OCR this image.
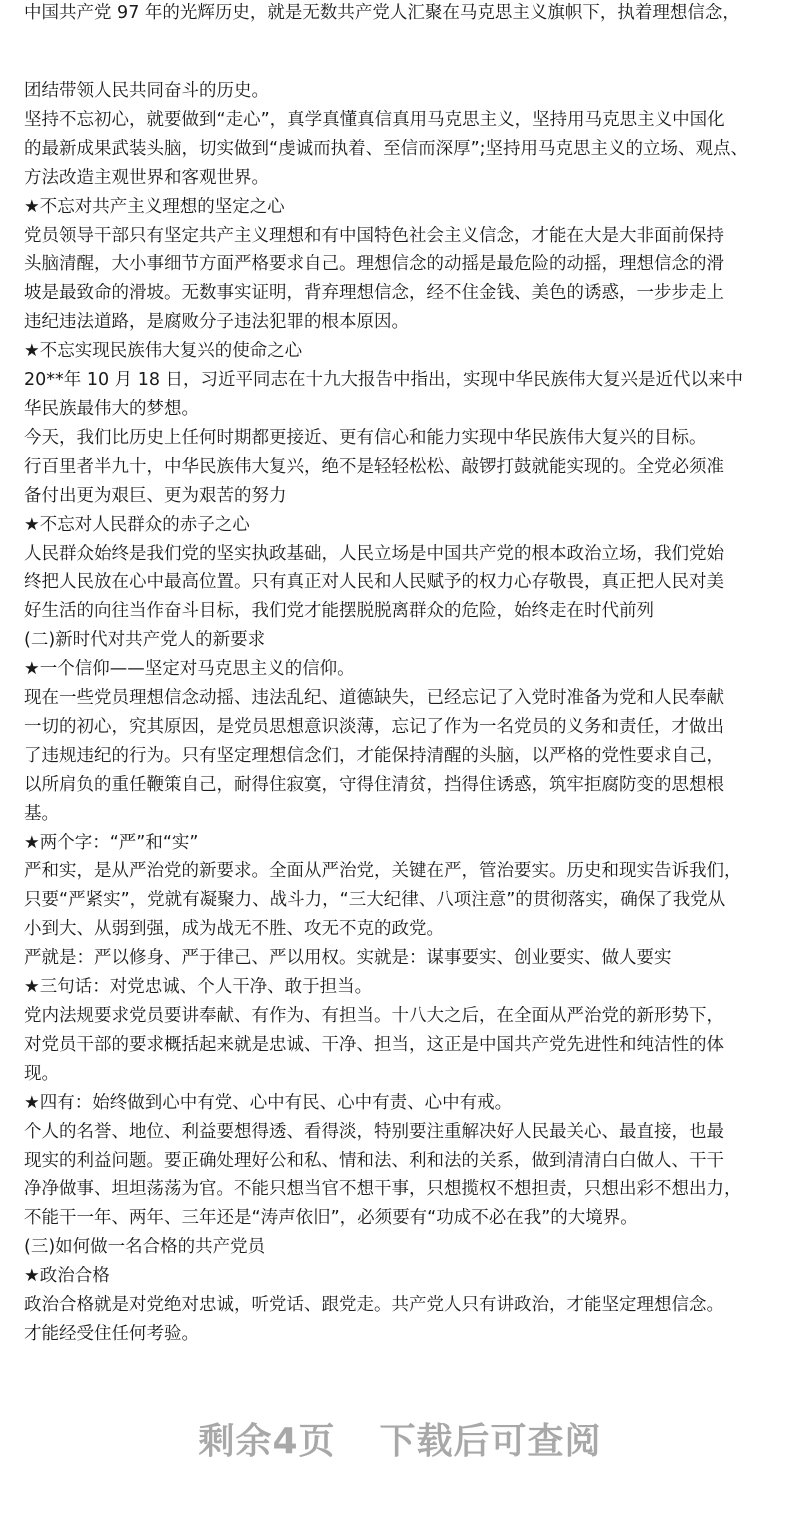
中国共产党 97 年的光辉历史，就是无数共产党人汇聚在马克思主义旗帜下，执着理想信念，
团结带领人民共同奋斗的历史。
坚持不忘初心，就要做到“走心”，真学真懂真信真用马克思主义，坚持用马克思主义中国化
的最新成果武装头脑，切实做到“虔诚而执着、至信而深厚”;坚持用马克思主义的立场、观点、
方法改造主观世界和客观世界。
★不忘对共产主义理想的坚定之心
党员领导干部只有坚定共产主义理想和有中国特色社会主义信念，才能在大是大非面前保持
头脑清醒，大小事细节方面严格要求自己。理想信念的动摇是最危险的动摇，理想信念的滑
坡是最致命的滑坡。无数事实证明，背弃理想信念，经不住金钱、美色的诱惑，一步步走上
违纪违法道路，是腐败分子违法犯罪的根本原因。
★不忘实现民族伟大复兴的使命之心
20**年 10 月 18 日，习近平同志在十九大报告中指出，实现中华民族伟大复兴是近代以来中
华民族最伟大的梦想。
今天，我们比历史上任何时期都更接近、更有信心和能力实现中华民族伟大复兴的目标。
行百里者半九十，中华民族伟大复兴，绝不是轻轻松松、敲锣打鼓就能实现的。全党必须准
备付出更为艰巨、更为艰苦的努力
★不忘对人民群众的赤子之心
人民群众始终是我们党的坚实执政基础，人民立场是中国共产党的根本政治立场，我们党始
终把人民放在心中最高位置。只有真正对人民和人民赋予的权力心存敬畏，真正把人民对美
好生活的向往当作奋斗目标，我们党才能摆脱脱离群众的危险，始终走在时代前列
(二)新时代对共产党人的新要求
★一个信仰——坚定对马克思主义的信仰。
现在一些党员理想信念动摇、违法乱纪、道德缺失，已经忘记了入党时准备为党和人民奉献
一切的初心，究其原因，是党员思想意识淡薄，忘记了作为一名党员的义务和责任，才做出
了违规违纪的行为。只有坚定理想信念们，才能保持清醒的头脑，以严格的党性要求自己，
以所肩负的重任鞭策自己，耐得住寂寞，守得住清贫，挡得住诱惑，筑牢拒腐防变的思想根
基。
★两个字：“严”和“实”
严和实，是从严治党的新要求。全面从严治党，关键在严，管治要实。历史和现实告诉我们，
只要“严紧实”，党就有凝聚力、战斗力，“三大纪律、八项注意”的贯彻落实，确保了我党从
小到大、从弱到强，成为战无不胜、攻无不克的政党。
严就是：严以修身、严于律己、严以用权。实就是：谋事要实、创业要实、做人要实
★三句话：对党忠诚、个人干净、敢于担当。
党内法规要求党员要讲奉献、有作为、有担当。十八大之后，在全面从严治党的新形势下，
对党员干部的要求概括起来就是忠诚、干净、担当，这正是中国共产党先进性和纯洁性的体
现。
★四有：始终做到心中有党、心中有民、心中有责、心中有戒。
个人的名誉、地位、利益要想得透、看得淡，特别要注重解决好人民最关心、最直接，也最
现实的利益问题。要正确处理好公和私、情和法、利和法的关系，做到清清白白做人、干干
净净做事、坦坦荡荡为官。不能只想当官不想干事，只想揽权不想担责，只想出彩不想出力，
不能干一年、两年、三年还是“涛声依旧”，必须要有“功成不必在我”的大境界。
(三)如何做一名合格的共产党员
★政治合格
政治合格就是对党绝对忠诚，听党话、跟党走。共产党人只有讲政治，才能坚定理想信念。
才能经受住任何考验。
剩余4页 下载后可查阅
